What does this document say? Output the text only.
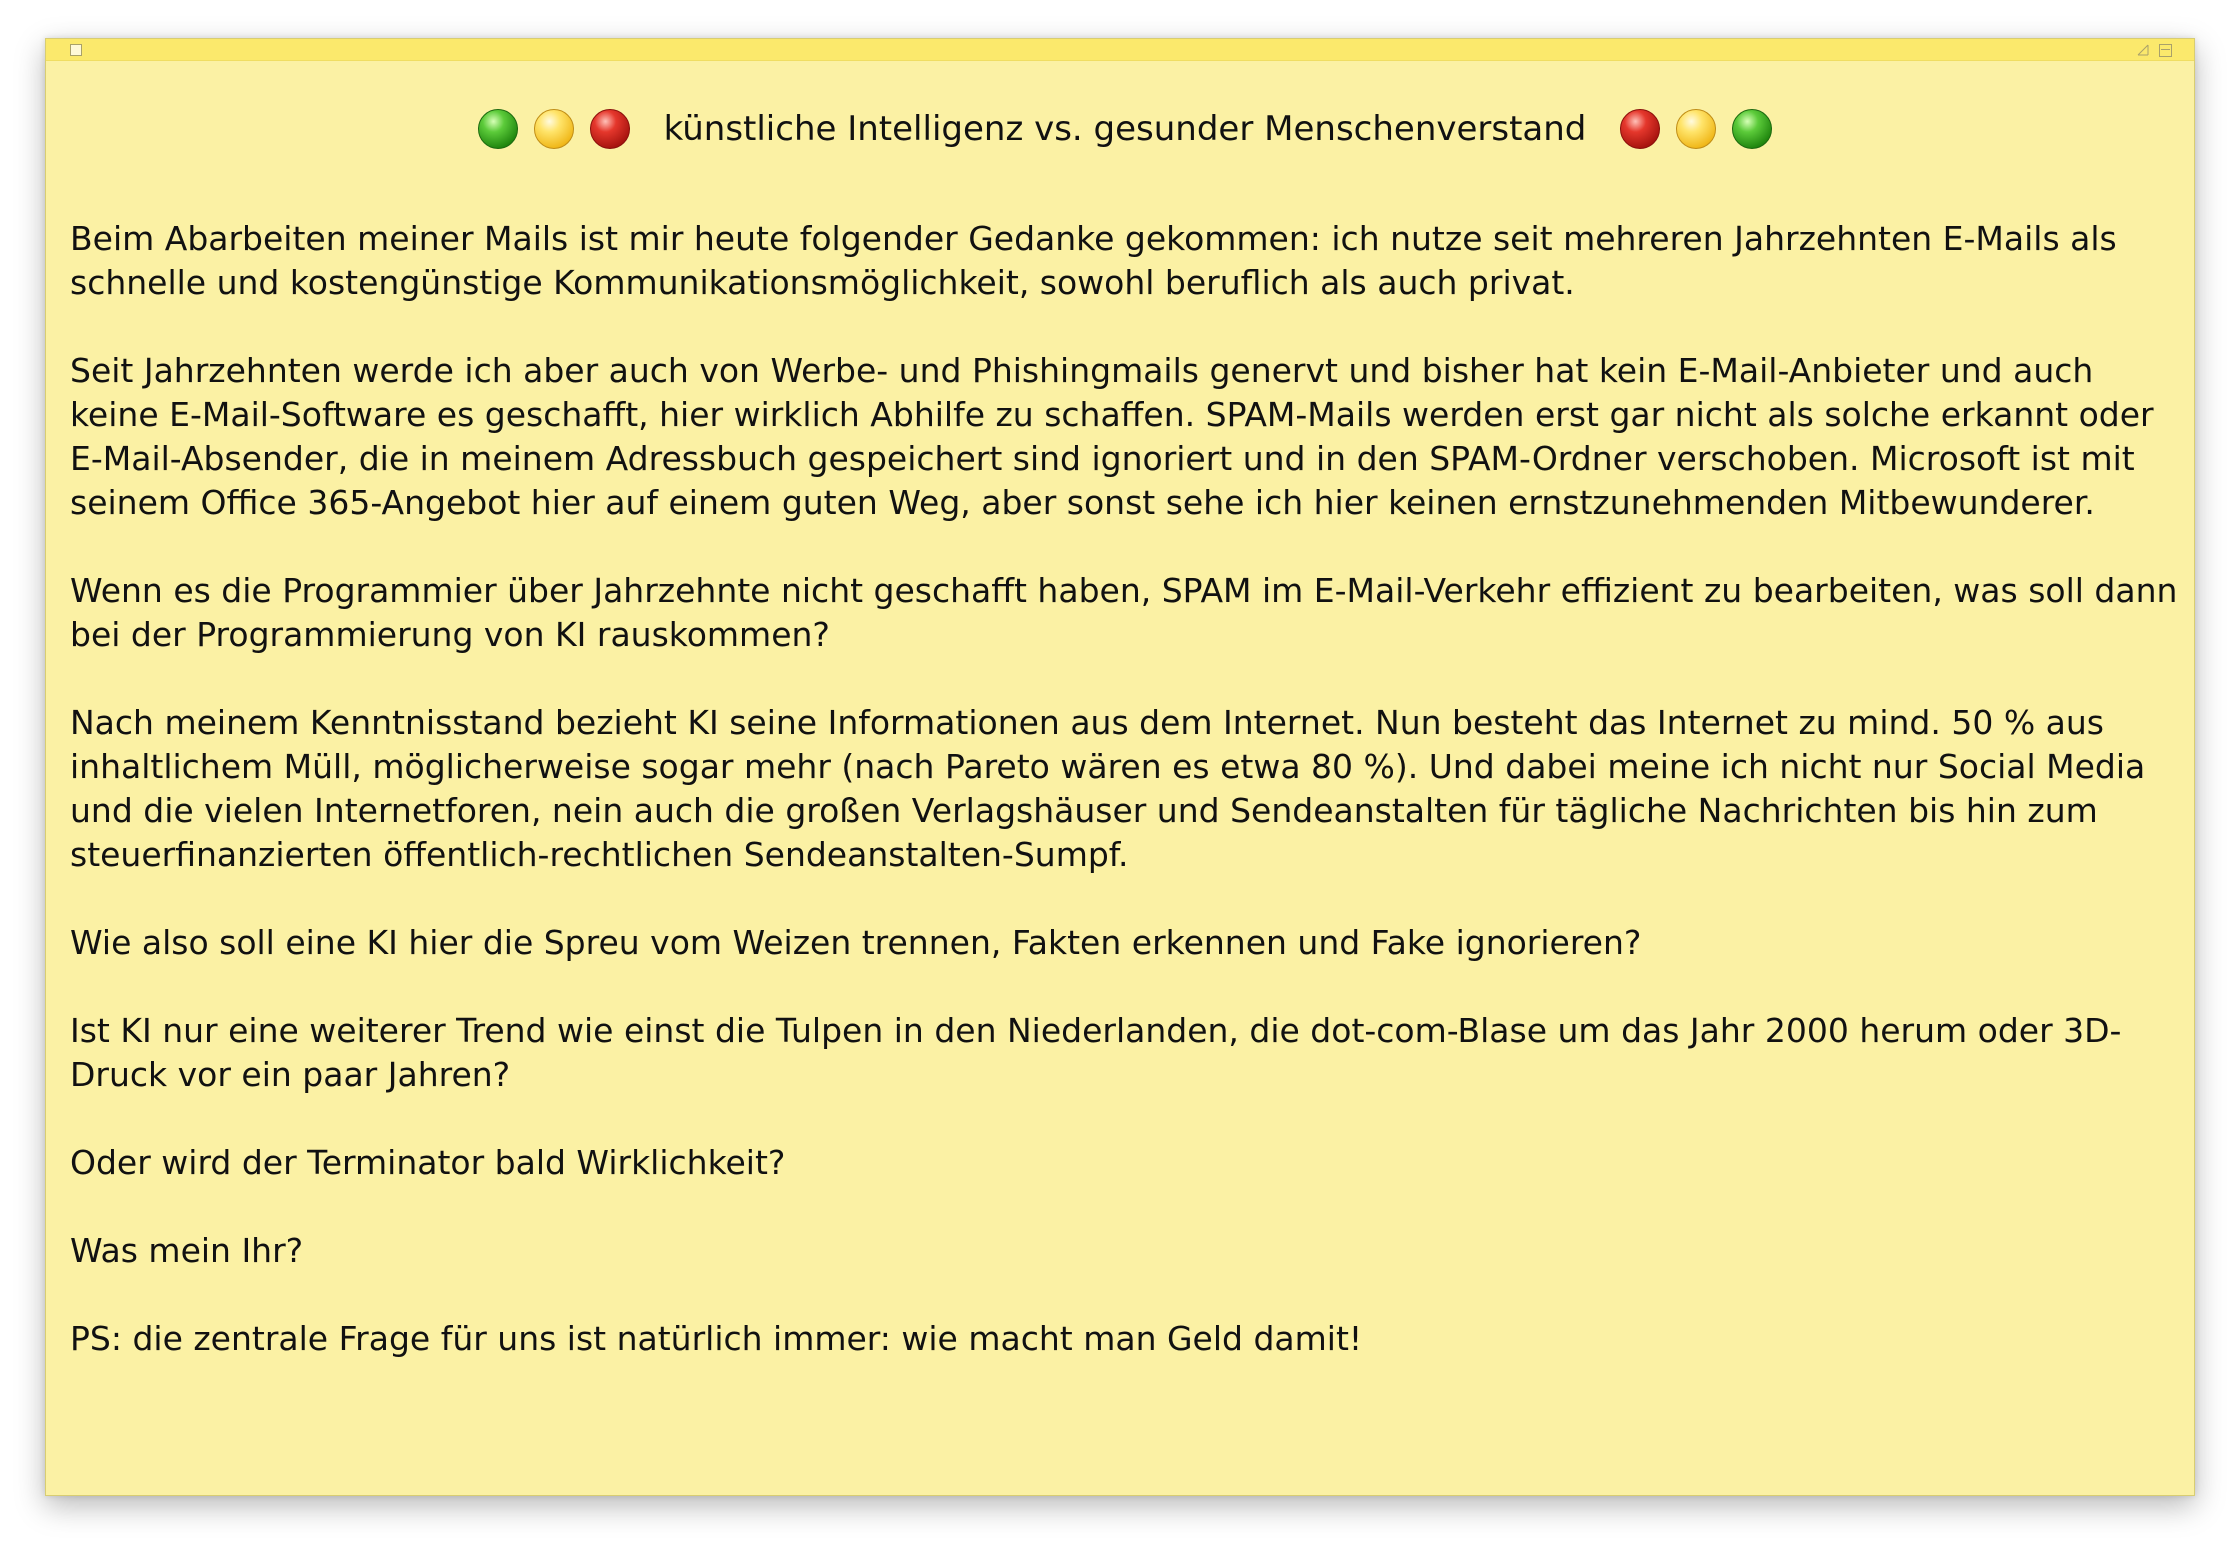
künstliche Intelligenz vs. gesunder Menschenverstand

Beim Abarbeiten meiner Mails ist mir heute folgender Gedanke gekommen: ich nutze seit mehreren Jahrzehnten E-Mails als schnelle und kostengünstige Kommunikationsmöglichkeit, sowohl beruflich als auch privat.

Seit Jahrzehnten werde ich aber auch von Werbe- und Phishingmails genervt und bisher hat kein E-Mail-Anbieter und auch keine E-Mail-Software es geschafft, hier wirklich Abhilfe zu schaffen. SPAM-Mails werden erst gar nicht als solche erkannt oder E-Mail-Absender, die in meinem Adressbuch gespeichert sind ignoriert und in den SPAM-Ordner verschoben. Microsoft ist mit seinem Office 365-Angebot hier auf einem guten Weg, aber sonst sehe ich hier keinen ernstzunehmenden Mitbewunderer.

Wenn es die Programmier über Jahrzehnte nicht geschafft haben, SPAM im E-Mail-Verkehr effizient zu bearbeiten, was soll dann bei der Programmierung von KI rauskommen?

Nach meinem Kenntnisstand bezieht KI seine Informationen aus dem Internet. Nun besteht das Internet zu mind. 50 % aus inhaltlichem Müll, möglicherweise sogar mehr (nach Pareto wären es etwa 80 %). Und dabei meine ich nicht nur Social Media und die vielen Internetforen, nein auch die großen Verlagshäuser und Sendeanstalten für tägliche Nachrichten bis hin zum steuerfinanzierten öffentlich-rechtlichen Sendeanstalten-Sumpf.

Wie also soll eine KI hier die Spreu vom Weizen trennen, Fakten erkennen und Fake ignorieren?

Ist KI nur eine weiterer Trend wie einst die Tulpen in den Niederlanden, die dot-com-Blase um das Jahr 2000 herum oder 3D-Druck vor ein paar Jahren?

Oder wird der Terminator bald Wirklichkeit?

Was mein Ihr?

PS: die zentrale Frage für uns ist natürlich immer: wie macht man Geld damit!
